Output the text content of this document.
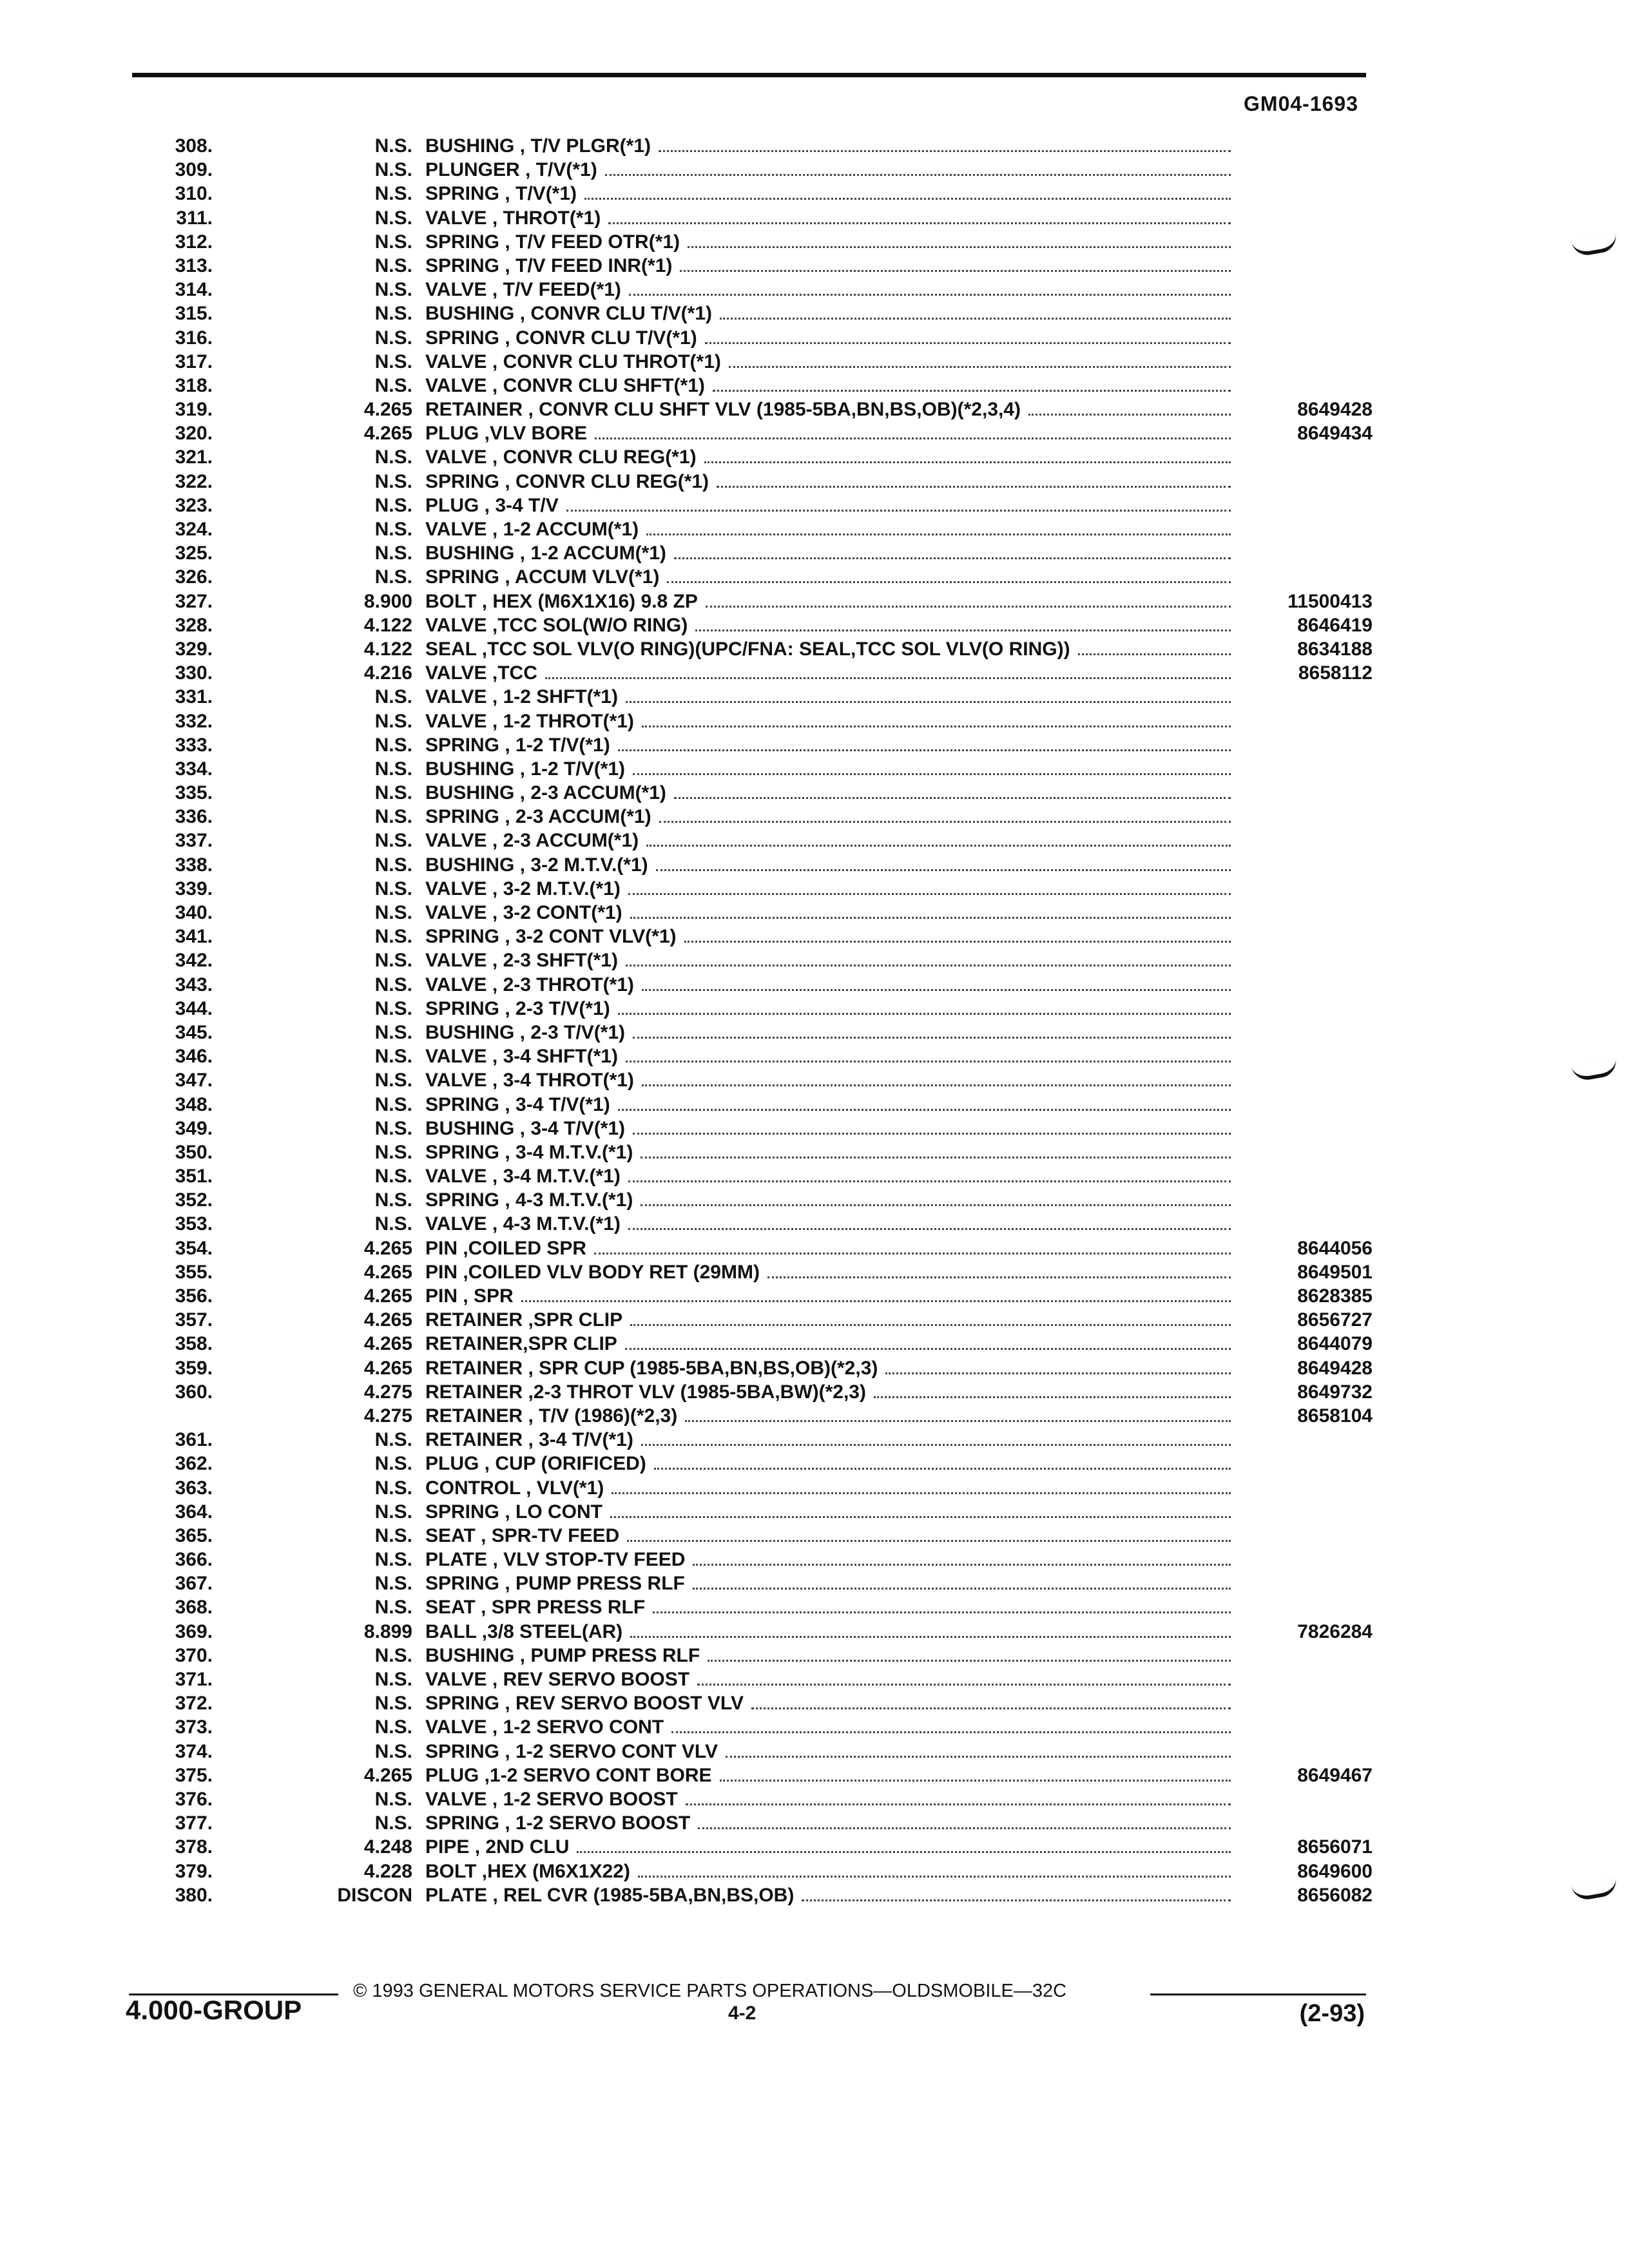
GM04-1693
308.	N.S. BUSHING , T/V PLGR(*1)
309.	N.S. PLUNGER , T/V(*1)
310.	N.S. SPRING , T/V(*1)
311.	N.S. VALVE , THROT(*1)
312.	N.S. SPRING , T/V FEED OTR(*1)
313.	N.S. SPRING , T/V FEED INR(*1)
314.	N.S. VALVE , T/V FEED(*1)
315.	N.S. BUSHING , CONVR CLU T/V(*1)
316.	N.S. SPRING , CONVR CLU T/V(*1)
317.	N.S. VALVE , CONVR CLU THROT(*1)
318.	N.S. VALVE , CONVR CLU SHFT(*1)
319.	4.265 RETAINER , CONVR CLU SHFT VLV (1985-5BA,BN,BS,OB)(*2,3,4)	8649428
320.	4.265 PLUG ,VLV BORE	8649434
321.	N.S. VALVE , CONVR CLU REG(*1)
322.	N.S. SPRING , CONVR CLU REG(*1)
323.	N.S. PLUG , 3-4 T/V
324.	N.S. VALVE , 1-2 ACCUM(*1)
325.	N.S. BUSHING , 1-2 ACCUM(*1)
326.	N.S. SPRING , ACCUM VLV(*1)
327.	8.900 BOLT , HEX (M6X1X16) 9.8 ZP	11500413
328.	4.122 VALVE ,TCC SOL(W/O RING)	8646419
329.	4.122 SEAL ,TCC SOL VLV(O RING)(UPC/FNA: SEAL,TCC SOL VLV(O RING))	8634188
330.	4.216 VALVE ,TCC	8658112
331.	N.S. VALVE , 1-2 SHFT(*1)
332.	N.S. VALVE , 1-2 THROT(*1)
333.	N.S. SPRING , 1-2 T/V(*1)
334.	N.S. BUSHING , 1-2 T/V(*1)
335.	N.S. BUSHING , 2-3 ACCUM(*1)
336.	N.S. SPRING , 2-3 ACCUM(*1)
337.	N.S. VALVE , 2-3 ACCUM(*1)
338.	N.S. BUSHING , 3-2 M.T.V.(*1)
339.	N.S. VALVE , 3-2 M.T.V.(*1)
340.	N.S. VALVE , 3-2 CONT(*1)
341.	N.S. SPRING , 3-2 CONT VLV(*1)
342.	N.S. VALVE , 2-3 SHFT(*1)
343.	N.S. VALVE , 2-3 THROT(*1)
344.	N.S. SPRING , 2-3 T/V(*1)
345.	N.S. BUSHING , 2-3 T/V(*1)
346.	N.S. VALVE , 3-4 SHFT(*1)
347.	N.S. VALVE , 3-4 THROT(*1)
348.	N.S. SPRING , 3-4 T/V(*1)
349.	N.S. BUSHING , 3-4 T/V(*1)
350.	N.S. SPRING , 3-4 M.T.V.(*1)
351.	N.S. VALVE , 3-4 M.T.V.(*1)
352.	N.S. SPRING , 4-3 M.T.V.(*1)
353.	N.S. VALVE , 4-3 M.T.V.(*1)
354.	4.265 PIN ,COILED SPR	8644056
355.	4.265 PIN ,COILED VLV BODY RET (29MM)	8649501
356.	4.265 PIN , SPR	8628385
357.	4.265 RETAINER ,SPR CLIP	8656727
358.	4.265 RETAINER,SPR CLIP	8644079
359.	4.265 RETAINER , SPR CUP (1985-5BA,BN,BS,OB)(*2,3)	8649428
360.	4.275 RETAINER ,2-3 THROT VLV (1985-5BA,BW)(*2,3)	8649732
4.275 RETAINER , T/V (1986)(*2,3)	8658104
361.	N.S. RETAINER , 3-4 T/V(*1)
362.	N.S. PLUG , CUP (ORIFICED)
363.	N.S. CONTROL , VLV(*1)
364.	N.S. SPRING , LO CONT
365.	N.S. SEAT , SPR-TV FEED
366.	N.S. PLATE , VLV STOP-TV FEED
367.	N.S. SPRING , PUMP PRESS RLF
368.	N.S. SEAT , SPR PRESS RLF
369.	8.899 BALL ,3/8 STEEL(AR)	7826284
370.	N.S. BUSHING , PUMP PRESS RLF
371.	N.S. VALVE , REV SERVO BOOST
372.	N.S. SPRING , REV SERVO BOOST VLV
373.	N.S. VALVE , 1-2 SERVO CONT
374.	N.S. SPRING , 1-2 SERVO CONT VLV
375.	4.265 PLUG ,1-2 SERVO CONT BORE	8649467
376.	N.S. VALVE , 1-2 SERVO BOOST
377.	N.S. SPRING , 1-2 SERVO BOOST
378.	4.248 PIPE , 2ND CLU	8656071
379.	4.228 BOLT ,HEX (M6X1X22)	8649600
380.	DISCON PLATE , REL CVR (1985-5BA,BN,BS,OB)	8656082
© 1993 GENERAL MOTORS SERVICE PARTS OPERATIONS—OLDSMOBILE—32C
4.000-GROUP	4-2	(2-93)
